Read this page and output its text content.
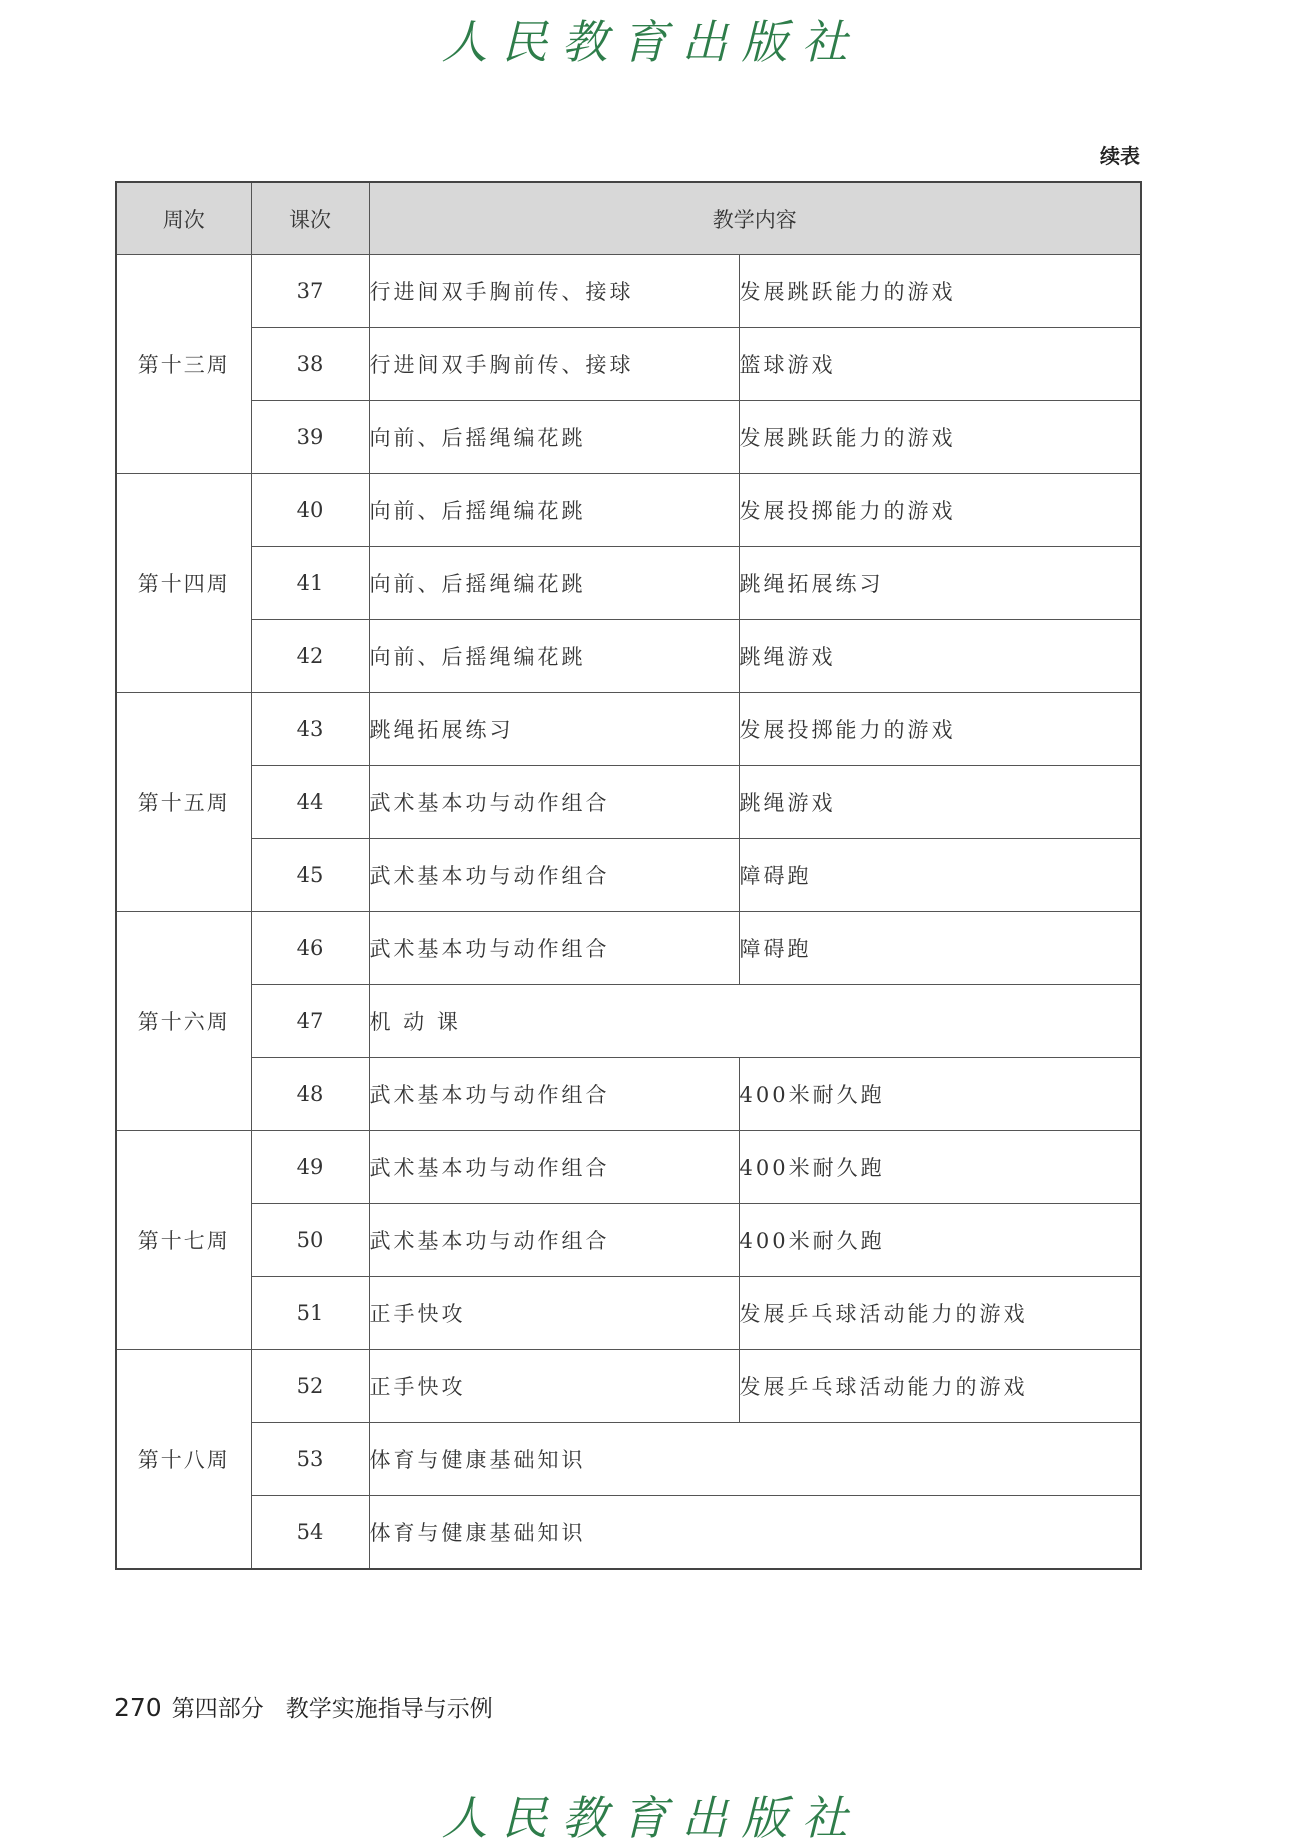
人民教育出版社
续表
周次	课次	教学内容	
第十三周	37	行进间双手胸前传、接球	发展跳跃能力的游戏
	38	行进间双手胸前传、接球	篮球游戏
	39	向前、后摇绳编花跳	发展跳跃能力的游戏
第十四周	40	向前、后摇绳编花跳	发展投掷能力的游戏
	41	向前、后摇绳编花跳	跳绳拓展练习
	42	向前、后摇绳编花跳	跳绳游戏
第十五周	43	跳绳拓展练习	发展投掷能力的游戏
	44	武术基本功与动作组合	跳绳游戏
	45	武术基本功与动作组合	障碍跑
第十六周	46	武术基本功与动作组合	障碍跑
	47	机 动 课	
	48	武术基本功与动作组合	400米耐久跑
第十七周	49	武术基本功与动作组合	400米耐久跑
	50	武术基本功与动作组合	400米耐久跑
	51	正手快攻	发展乒乓球活动能力的游戏
第十八周	52	正手快攻	发展乒乓球活动能力的游戏
	53	体育与健康基础知识	
	54	体育与健康基础知识	
270 第四部分 教学实施指导与示例
人民教育出版社
